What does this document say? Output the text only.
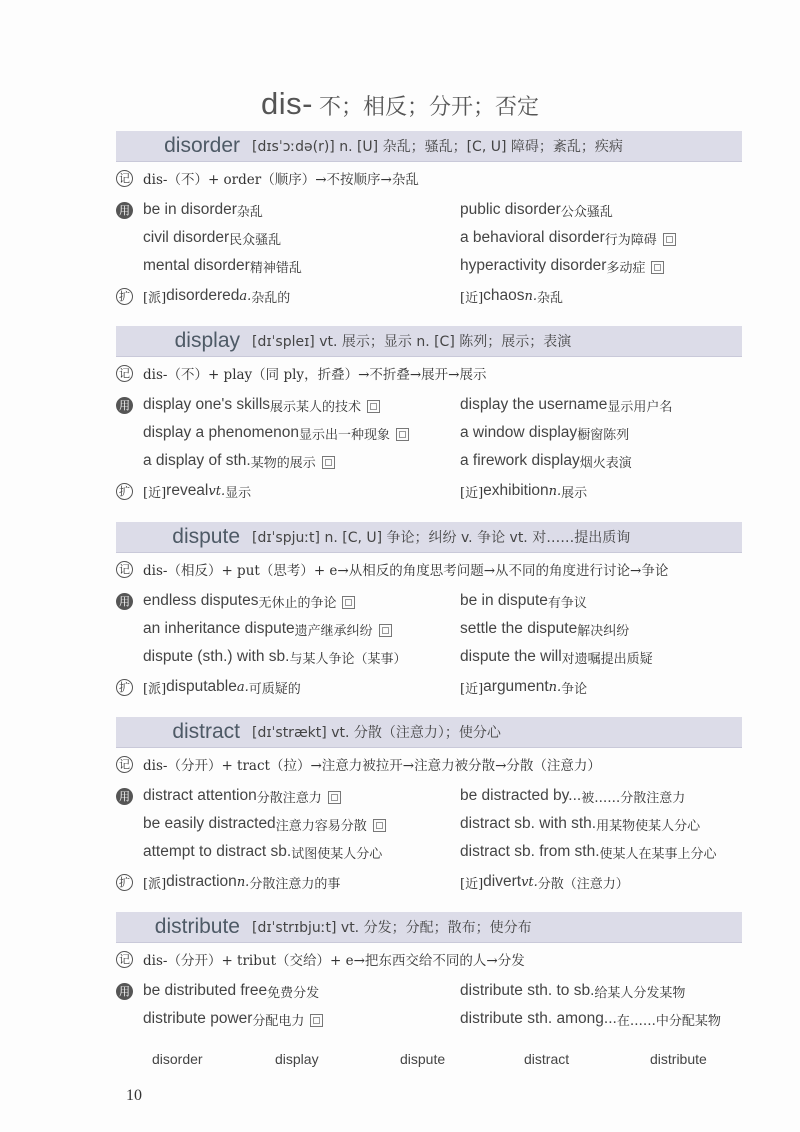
dis- 不；相反；分开；否定
disorder [dɪsˈɔːdə(r)] n. [U] 杂乱；骚乱；[C, U] 障碍；紊乱；疾病
记 dis-（不）+ order（顺序）→不按顺序→杂乱
用 be in disorder 杂乱	public disorder 公众骚乱
civil disorder 民众骚乱	a behavioral disorder 行为障碍
mental disorder 精神错乱	hyperactivity disorder 多动症
扩 [派] disordered a. 杂乱的	[近] chaos n. 杂乱
display [dɪˈspleɪ] vt. 展示；显示 n. [C] 陈列；展示；表演
记 dis-（不）+ play（同 ply，折叠）→不折叠→展开→展示
用 display one's skills 展示某人的技术	display the username 显示用户名
display a phenomenon 显示出一种现象	a window display 橱窗陈列
a display of sth. 某物的展示	a firework display 烟火表演
扩 [近] reveal vt. 显示	[近] exhibition n. 展示
dispute [dɪˈspjuːt] n. [C, U] 争论；纠纷 v. 争论 vt. 对……提出质询
记 dis-（相反）+ put（思考）+ e→从相反的角度思考问题→从不同的角度进行讨论→争论
用 endless disputes 无休止的争论	be in dispute 有争议
an inheritance dispute 遗产继承纠纷	settle the dispute 解决纠纷
dispute (sth.) with sb. 与某人争论（某事）	dispute the will 对遗嘱提出质疑
扩 [派] disputable a. 可质疑的	[近] argument n. 争论
distract [dɪˈstrækt] vt. 分散（注意力）；使分心
记 dis-（分开）+ tract（拉）→注意力被拉开→注意力被分散→分散（注意力）
用 distract attention 分散注意力	be distracted by... 被……分散注意力
be easily distracted 注意力容易分散	distract sb. with sth. 用某物使某人分心
attempt to distract sb. 试图使某人分心	distract sb. from sth. 使某人在某事上分心
扩 [派] distraction n. 分散注意力的事	[近] divert vt. 分散（注意力）
distribute [dɪˈstrɪbjuːt] vt. 分发；分配；散布；使分布
记 dis-（分开）+ tribut（交给）+ e→把东西交给不同的人→分发
用 be distributed free 免费分发	distribute sth. to sb. 给某人分发某物
distribute power 分配电力	distribute sth. among... 在……中分配某物
disorder	display	dispute	distract	distribute
10
